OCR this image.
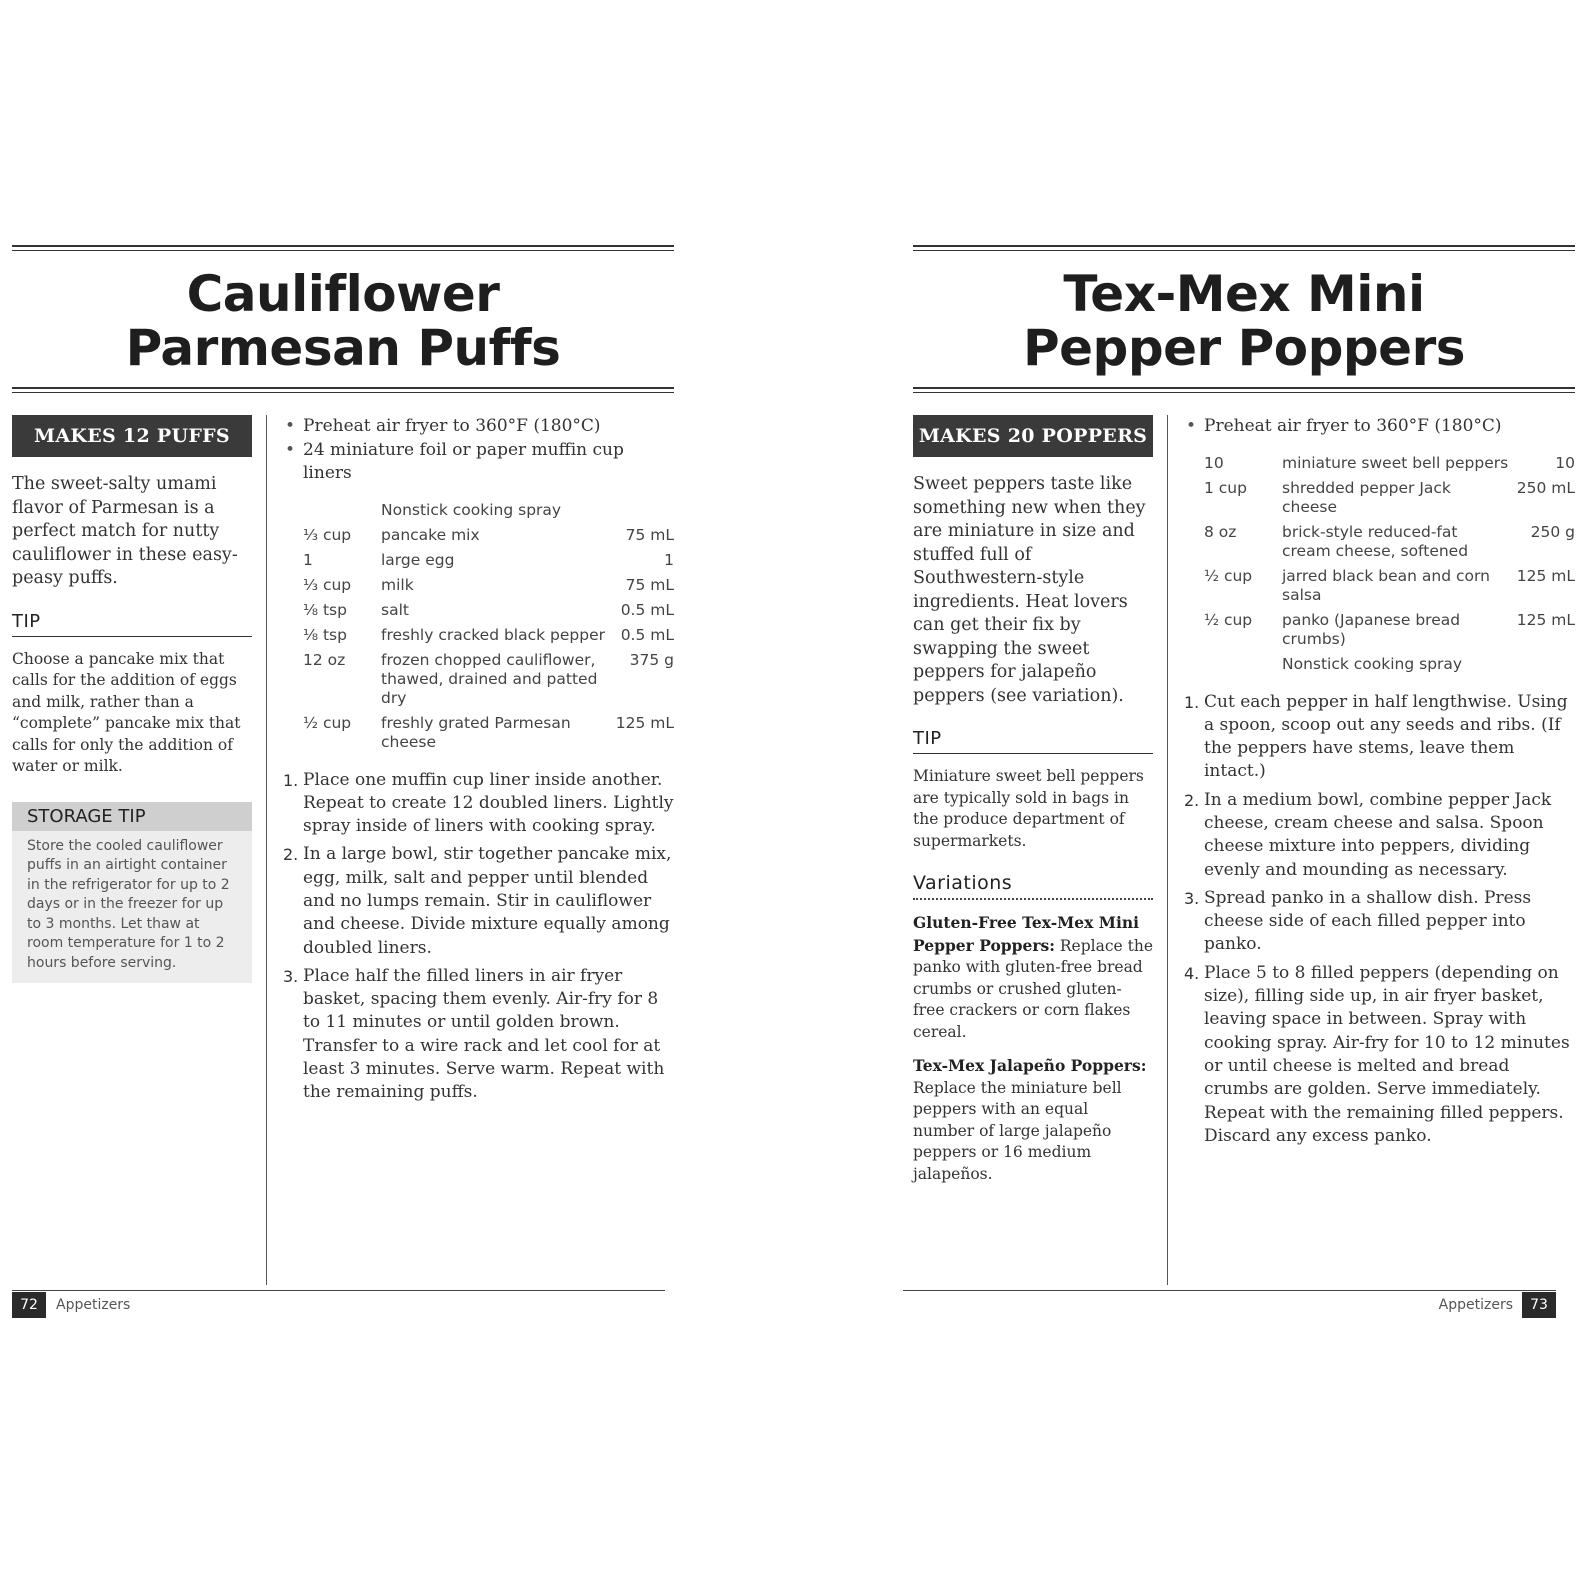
Cauliflower
Parmesan Puffs
MAKES 12 PUFFS
The sweet-salty umami flavor of Parmesan is a perfect match for nutty cauliflower in these easy-peasy puffs.
TIP
Choose a pancake mix that calls for the addition of eggs and milk, rather than a “complete” pancake mix that calls for only the addition of water or milk.
STORAGE TIP
Store the cooled cauliflower puffs in an airtight container in the refrigerator for up to 2 days or in the freezer for up to 3 months. Let thaw at room temperature for 1 to 2 hours before serving.
• Preheat air fryer to 360°F (180°C)
• 24 miniature foil or paper muffin cup liners
	Nonstick cooking spray	
⅓ cup	pancake mix	75 mL
1	large egg	1
⅓ cup	milk	75 mL
⅛ tsp	salt	0.5 mL
⅛ tsp	freshly cracked black pepper	0.5 mL
12 oz	frozen chopped cauliflower, thawed, drained and patted dry	375 g
½ cup	freshly grated Parmesan cheese	125 mL
1. Place one muffin cup liner inside another. Repeat to create 12 doubled liners. Lightly spray inside of liners with cooking spray.
2. In a large bowl, stir together pancake mix, egg, milk, salt and pepper until blended and no lumps remain. Stir in cauliflower and cheese. Divide mixture equally among doubled liners.
3. Place half the filled liners in air fryer basket, spacing them evenly. Air-fry for 8 to 11 minutes or until golden brown. Transfer to a wire rack and let cool for at least 3 minutes. Serve warm. Repeat with the remaining puffs.
Tex-Mex Mini
Pepper Poppers
MAKES 20 POPPERS
Sweet peppers taste like something new when they are miniature in size and stuffed full of Southwestern-style ingredients. Heat lovers can get their fix by swapping the sweet peppers for jalapeño peppers (see variation).
TIP
Miniature sweet bell peppers are typically sold in bags in the produce department of supermarkets.
Variations
Gluten-Free Tex-Mex Mini Pepper Poppers: Replace the panko with gluten-free bread crumbs or crushed gluten-free crackers or corn flakes cereal.
Tex-Mex Jalapeño Poppers: Replace the miniature bell peppers with an equal number of large jalapeño peppers or 16 medium jalapeños.
• Preheat air fryer to 360°F (180°C)
10	miniature sweet bell peppers	10
1 cup	shredded pepper Jack cheese	250 mL
8 oz	brick-style reduced-fat cream cheese, softened	250 g
½ cup	jarred black bean and corn salsa	125 mL
½ cup	panko (Japanese bread crumbs)	125 mL
	Nonstick cooking spray	
1. Cut each pepper in half lengthwise. Using a spoon, scoop out any seeds and ribs. (If the peppers have stems, leave them intact.)
2. In a medium bowl, combine pepper Jack cheese, cream cheese and salsa. Spoon cheese mixture into peppers, dividing evenly and mounding as necessary.
3. Spread panko in a shallow dish. Press cheese side of each filled pepper into panko.
4. Place 5 to 8 filled peppers (depending on size), filling side up, in air fryer basket, leaving space in between. Spray with cooking spray. Air-fry for 10 to 12 minutes or until cheese is melted and bread crumbs are golden. Serve immediately. Repeat with the remaining filled peppers. Discard any excess panko.
72	Appetizers	Appetizers	73
